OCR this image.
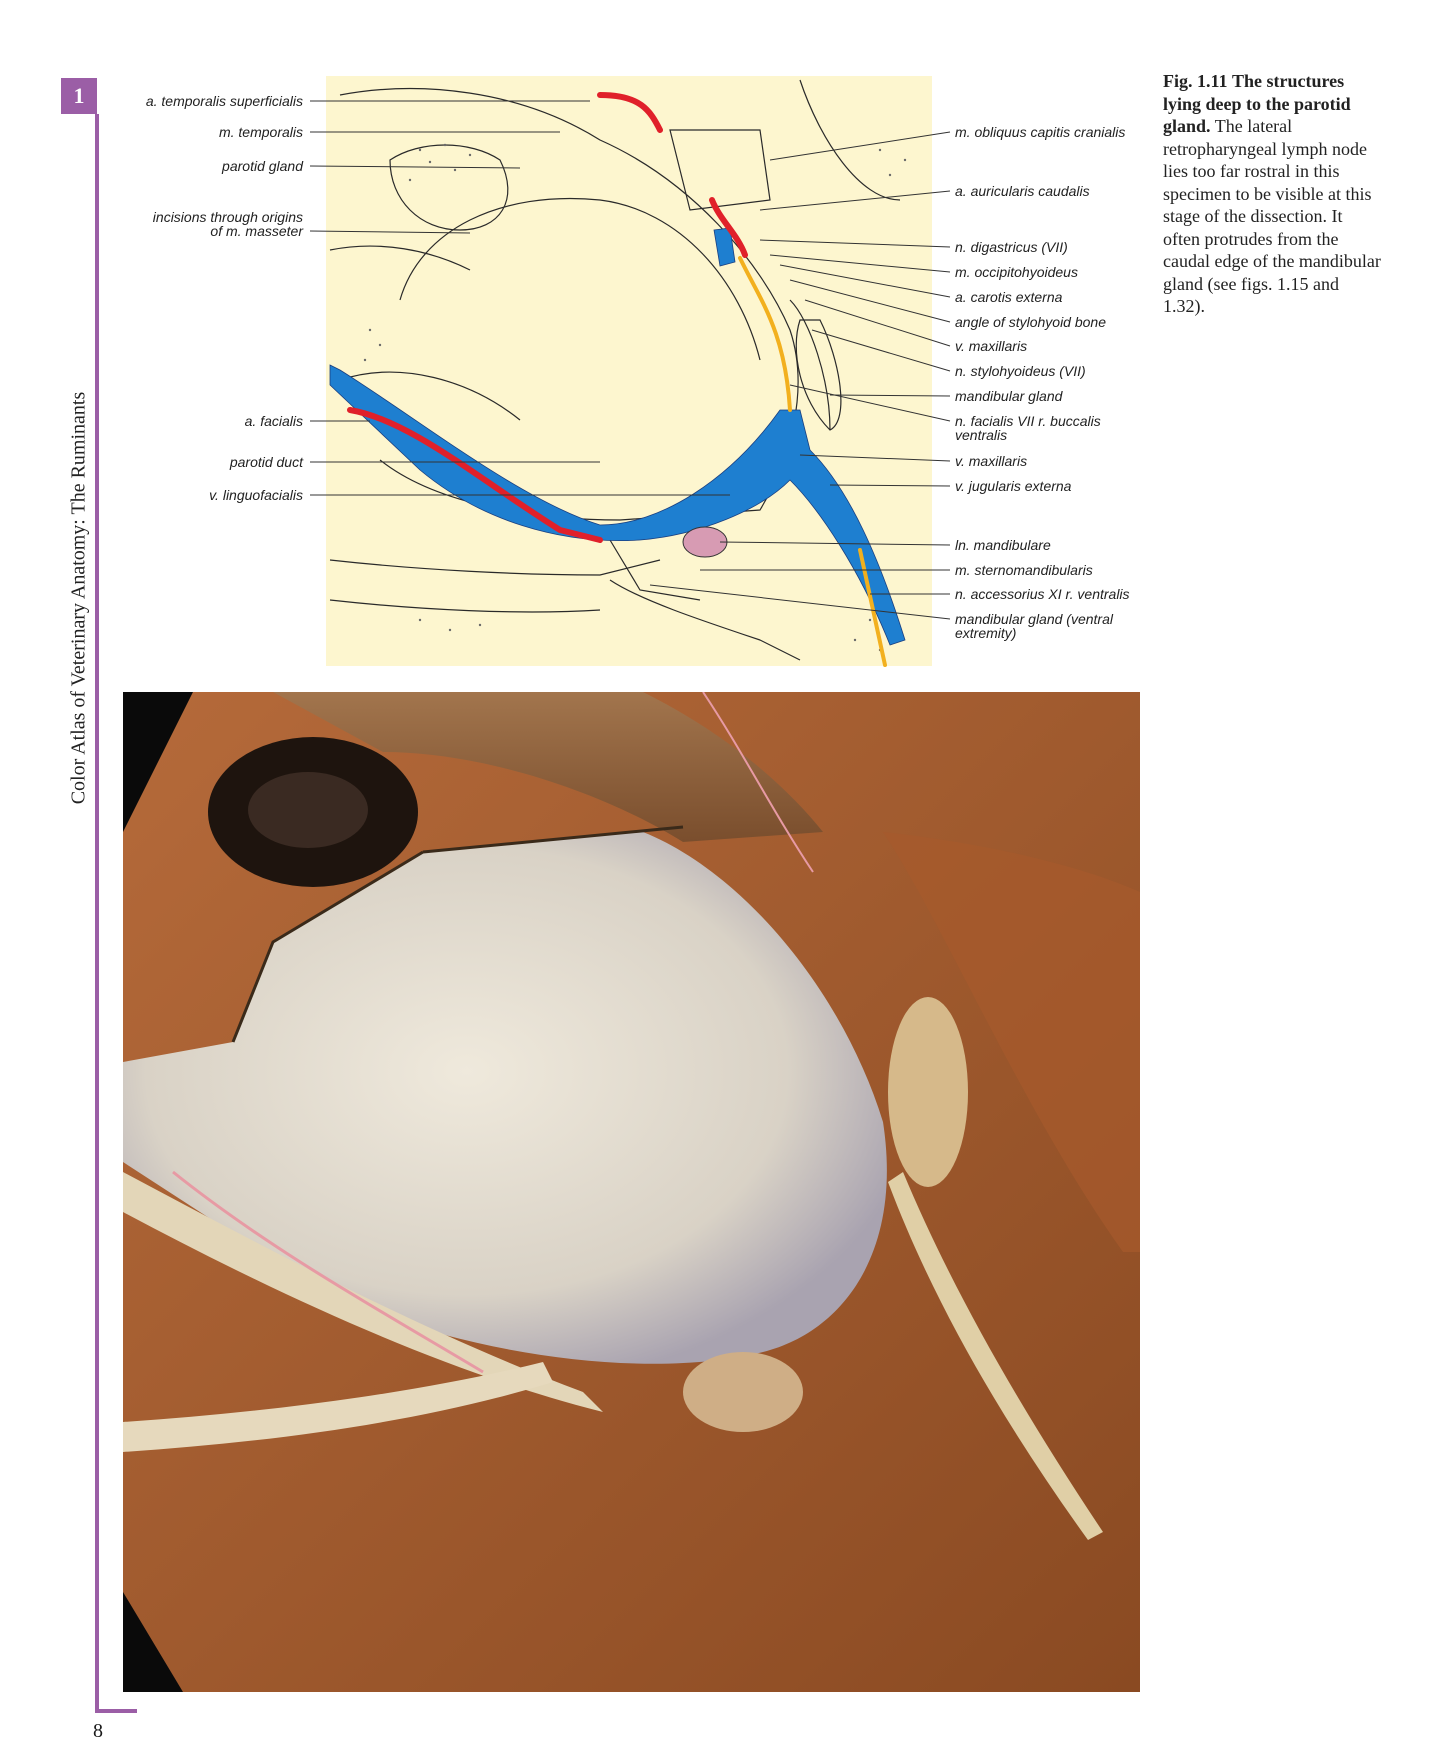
1
Color Atlas of Veterinary Anatomy: The Ruminants
8
a. temporalis superficialis
m. temporalis
parotid gland
incisions through origins
of m. masseter
a. facialis
parotid duct
v. linguofacialis
m. obliquus capitis cranialis
a. auricularis caudalis
n. digastricus (VII)
m. occipitohyoideus
a. carotis externa
angle of stylohyoid bone
v. maxillaris
n. stylohyoideus (VII)
mandibular gland
n. facialis VII r. buccalis
ventralis
v. maxillaris
v. jugularis externa
ln. mandibulare
m. sternomandibularis
n. accessorius XI r. ventralis
mandibular gland (ventral
extremity)
Fig. 1.11 The structures lying deep to the parotid gland. The lateral retropharyngeal lymph node lies too far rostral in this specimen to be visible at this stage of the dissection. It often protrudes from the caudal edge of the mandibular gland (see figs. 1.15 and 1.32).
